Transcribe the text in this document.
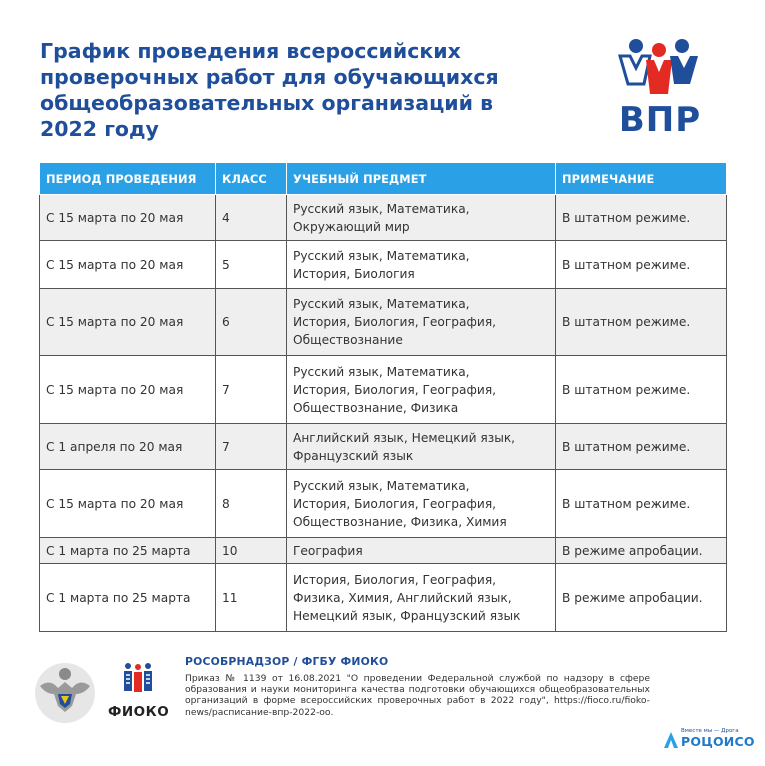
График проведения всероссийских проверочных работ для обучающихся общеобразовательных организаций в 2022 году	ВПР
ПЕРИОД ПРОВЕДЕНИЯ	КЛАСС	УЧЕБНЫЙ ПРЕДМЕТ	ПРИМЕЧАНИЕ
С 15 марта по 20 мая	4	Русский язык, Математика,
Окружающий мир	В штатном режиме.
С 15 марта по 20 мая	5	Русский язык, Математика,
История, Биология	В штатном режиме.
С 15 марта по 20 мая	6	Русский язык, Математика,
История, Биология, География,
Обществознание	В штатном режиме.
С 15 марта по 20 мая	7	Русский язык, Математика,
История, Биология, География,
Обществознание, Физика	В штатном режиме.
С 1 апреля по 20 мая	7	Английский язык, Немецкий язык,
Французский язык	В штатном режиме.
С 15 марта по 20 мая	8	Русский язык, Математика,
История, Биология, География,
Обществознание, Физика, Химия	В штатном режиме.
С 1 марта по 25 марта	10	География	В режиме апробации.
С 1 марта по 25 марта	11	История, Биология, География,
Физика, Химия, Английский язык,
Немецкий язык, Французский язык	В режиме апробации.
ФИОКО
РОСОБРНАДЗОР / ФГБУ ФИОКО
Приказ № 1139 от 16.08.2021 "О проведении Федеральной службой по надзору в сфере образования и науки мониторинга качества подготовки обучающихся общеобразовательных организаций в форме всероссийских проверочных работ в 2022 году", https://fioco.ru/fioko-news/расписание-впр-2022-оо.
Вместе мы — Дрога
РОЦОИСО
